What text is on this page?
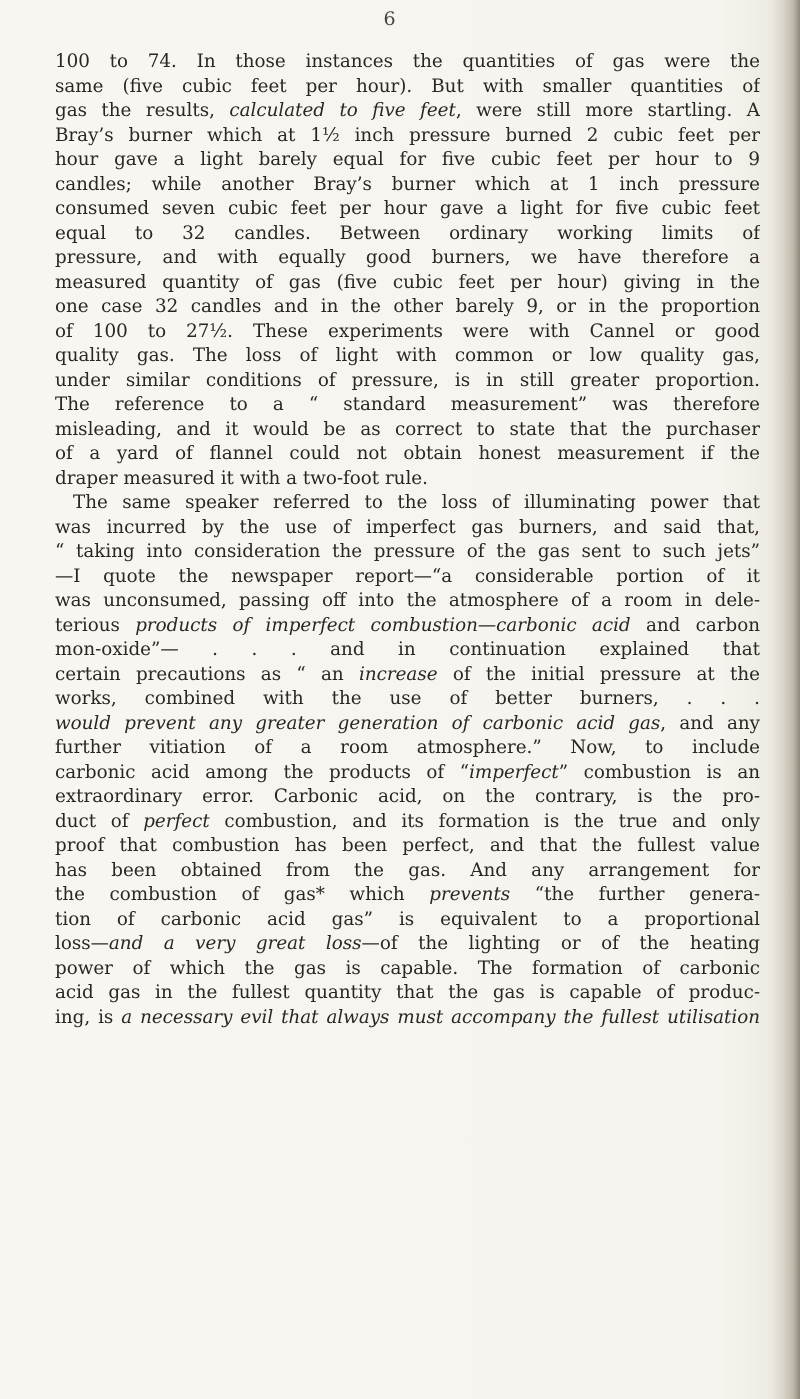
6
100 to 74. In those instances the quantities of gas were the
same (five cubic feet per hour). But with smaller quantities of
gas the results, calculated to five feet, were still more startling. A
Bray’s burner which at 1½ inch pressure burned 2 cubic feet per
hour gave a light barely equal for five cubic feet per hour to 9
candles; while another Bray’s burner which at 1 inch pressure
consumed seven cubic feet per hour gave a light for five cubic feet
equal to 32 candles. Between ordinary working limits of
pressure, and with equally good burners, we have therefore a
measured quantity of gas (five cubic feet per hour) giving in the
one case 32 candles and in the other barely 9, or in the proportion
of 100 to 27½. These experiments were with Cannel or good
quality gas. The loss of light with common or low quality gas,
under similar conditions of pressure, is in still greater proportion.
The reference to a “ standard measurement” was therefore
misleading, and it would be as correct to state that the purchaser
of a yard of flannel could not obtain honest measurement if the
draper measured it with a two-foot rule.
The same speaker referred to the loss of illuminating power that
was incurred by the use of imperfect gas burners, and said that,
“ taking into consideration the pressure of the gas sent to such jets”
—I quote the newspaper report—“a considerable portion of it
was unconsumed, passing off into the atmosphere of a room in dele-
terious products of imperfect combustion—carbonic acid and carbon
mon-oxide”— . . . and in continuation explained that
certain precautions as “ an increase of the initial pressure at the
works, combined with the use of better burners, . . .
would prevent any greater generation of carbonic acid gas, and any
further vitiation of a room atmosphere.” Now, to include
carbonic acid among the products of “imperfect” combustion is an
extraordinary error. Carbonic acid, on the contrary, is the pro-
duct of perfect combustion, and its formation is the true and only
proof that combustion has been perfect, and that the fullest value
has been obtained from the gas. And any arrangement for
the combustion of gas* which prevents “the further genera-
tion of carbonic acid gas” is equivalent to a proportional
loss—and a very great loss—of the lighting or of the heating
power of which the gas is capable. The formation of carbonic
acid gas in the fullest quantity that the gas is capable of produc-
ing, is a necessary evil that always must accompany the fullest utilisation
